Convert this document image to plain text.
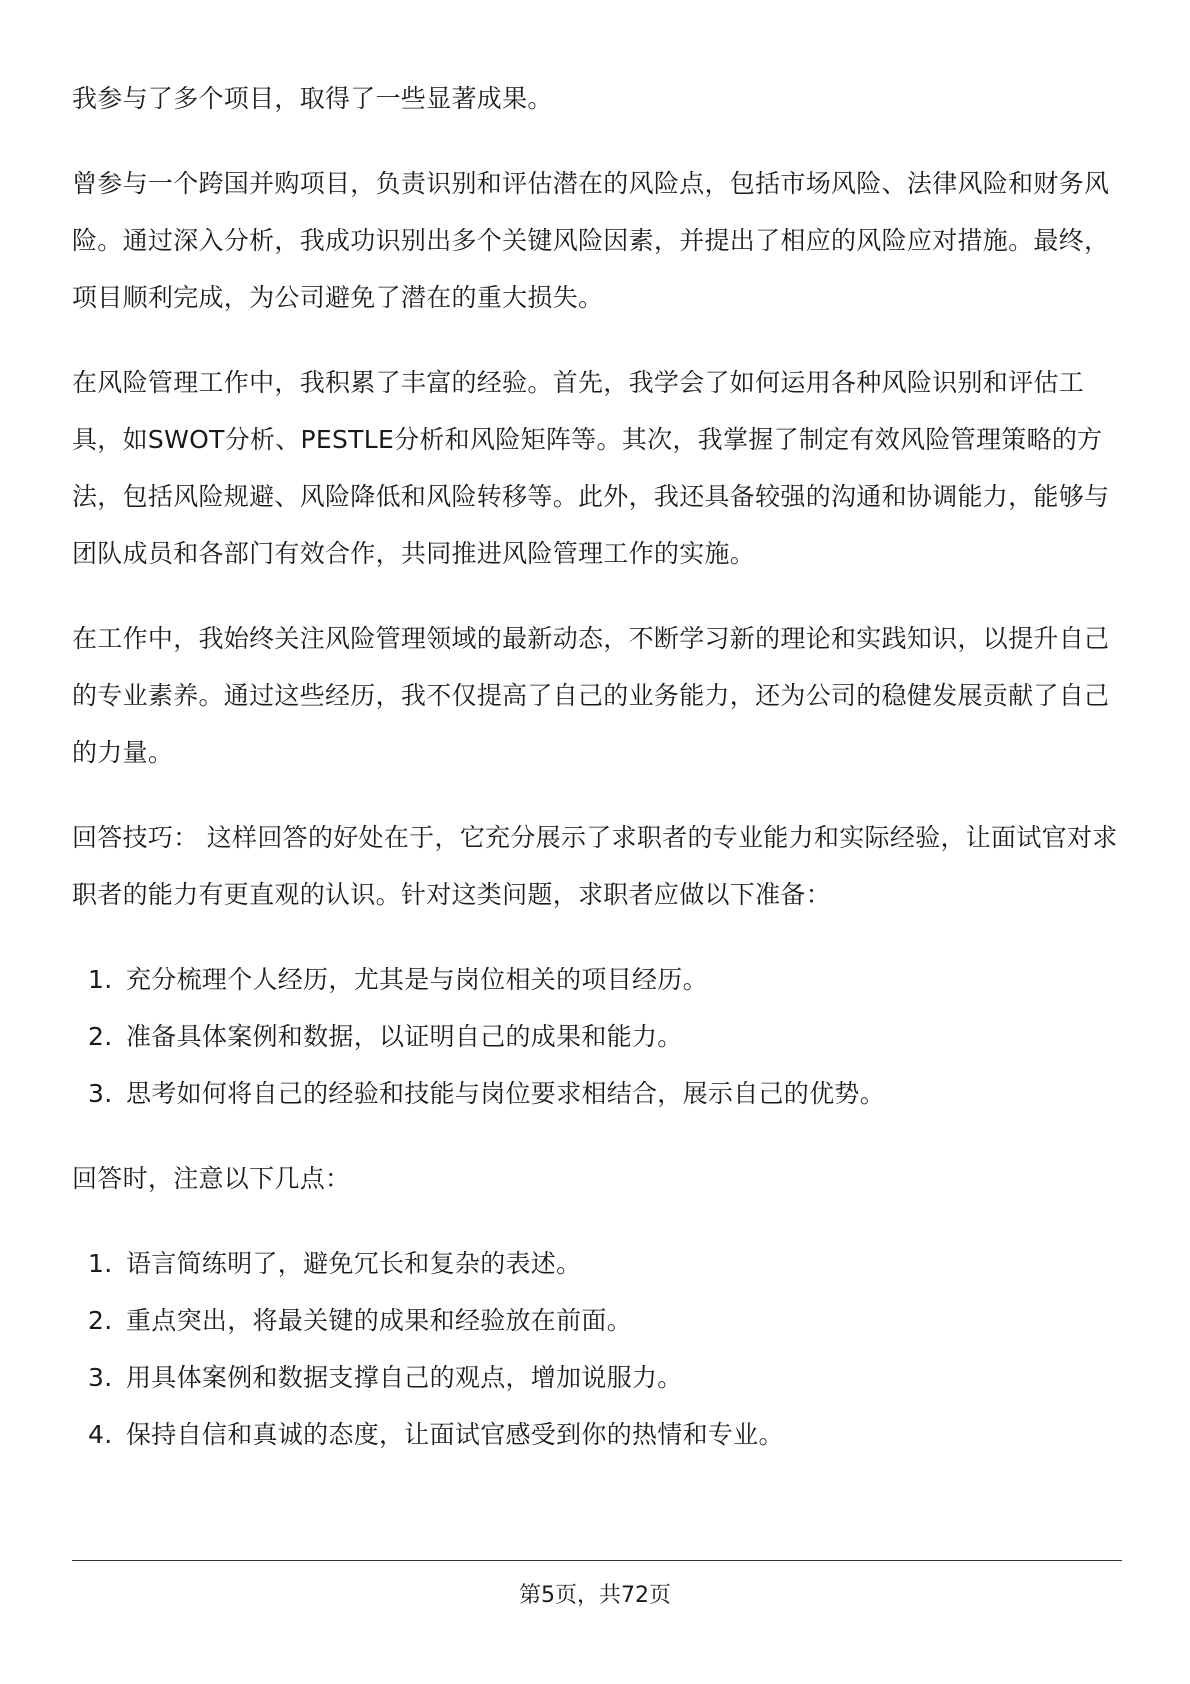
我参与了多个项目，取得了一些显著成果。

曾参与一个跨国并购项目，负责识别和评估潜在的风险点，包括市场风险、法律风险和财务风险。通过深入分析，我成功识别出多个关键风险因素，并提出了相应的风险应对措施。最终，项目顺利完成，为公司避免了潜在的重大损失。

在风险管理工作中，我积累了丰富的经验。首先，我学会了如何运用各种风险识别和评估工具，如SWOT分析、PESTLE分析和风险矩阵等。其次，我掌握了制定有效风险管理策略的方法，包括风险规避、风险降低和风险转移等。此外，我还具备较强的沟通和协调能力，能够与团队成员和各部门有效合作，共同推进风险管理工作的实施。

在工作中，我始终关注风险管理领域的最新动态，不断学习新的理论和实践知识，以提升自己的专业素养。通过这些经历，我不仅提高了自己的业务能力，还为公司的稳健发展贡献了自己的力量。

回答技巧： 这样回答的好处在于，它充分展示了求职者的专业能力和实际经验，让面试官对求职者的能力有更直观的认识。针对这类问题，求职者应做以下准备：

1. 充分梳理个人经历，尤其是与岗位相关的项目经历。
2. 准备具体案例和数据，以证明自己的成果和能力。
3. 思考如何将自己的经验和技能与岗位要求相结合，展示自己的优势。

回答时，注意以下几点：

1. 语言简练明了，避免冗长和复杂的表述。
2. 重点突出，将最关键的成果和经验放在前面。
3. 用具体案例和数据支撑自己的观点，增加说服力。
4. 保持自信和真诚的态度，让面试官感受到你的热情和专业。
第5页，共72页
